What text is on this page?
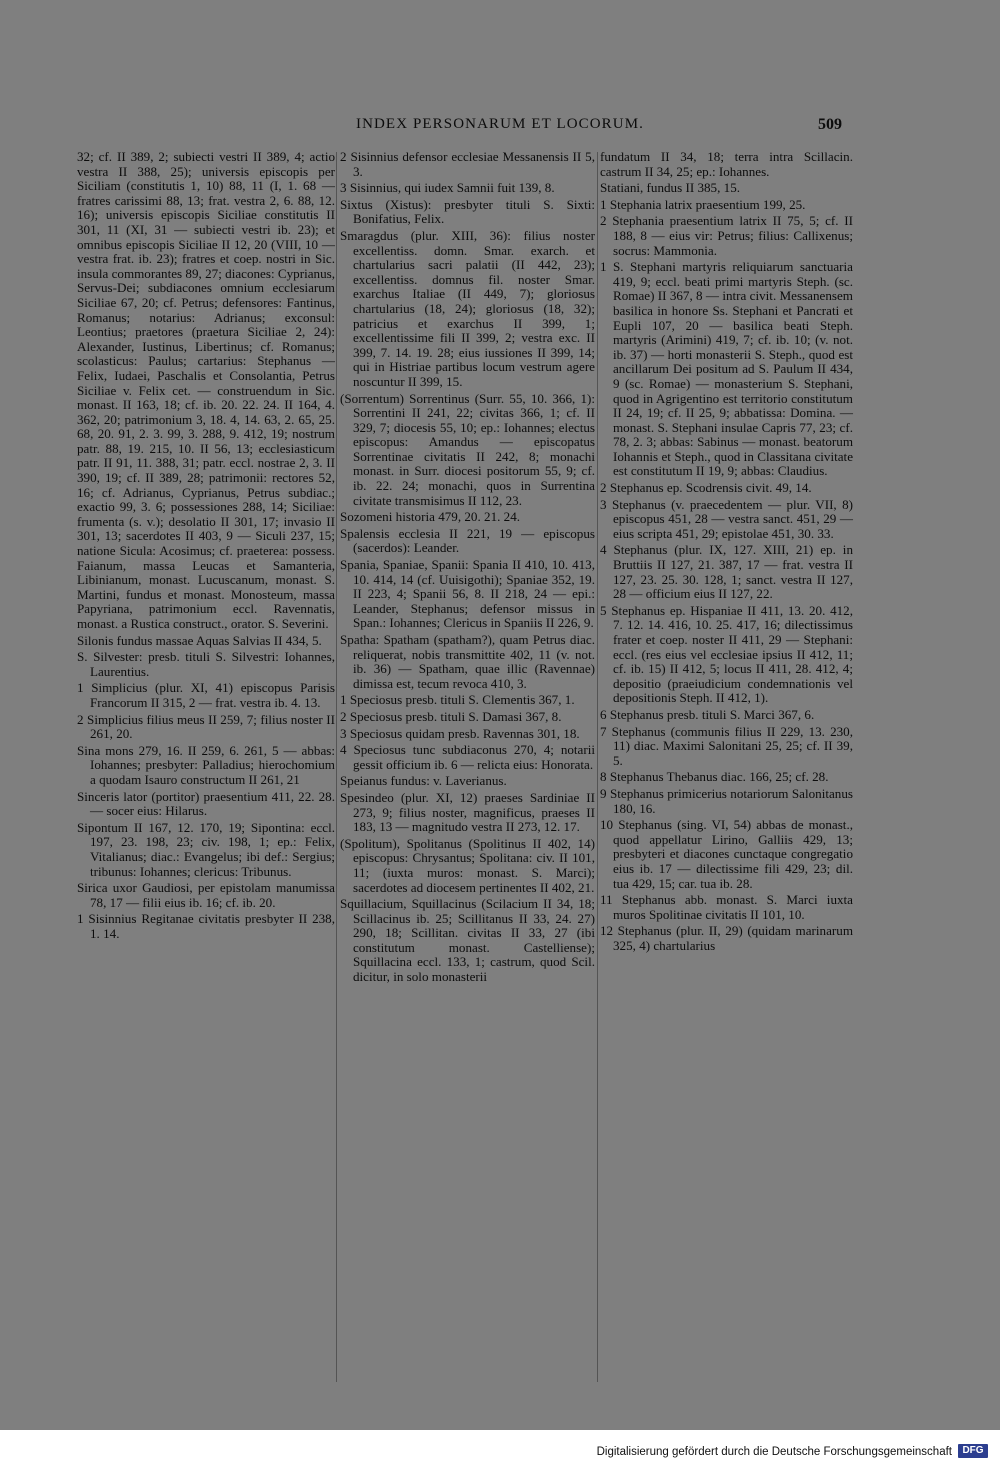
INDEX PERSONARUM ET LOCORUM.	509

32; cf. II 389, 2; subiecti vestri II 389, 4; actio vestra II 388, 25); universis episcopis per Siciliam (constitutis 1, 10) 88, 11 (I, 1. 68 — fratres carissimi 88, 13; frat. vestra 2, 6. 88, 12. 16); universis episcopis Siciliae constitutis II 301, 11 (XI, 31 — subiecti vestri ib. 23); et omnibus episcopis Siciliae II 12, 20 (VIII, 10 — vestra frat. ib. 23); fratres et coep. nostri in Sic. insula commorantes 89, 27; diacones: Cyprianus, Servus-Dei; subdiacones omnium ecclesiarum Siciliae 67, 20; cf. Petrus; defensores: Fantinus, Romanus; notarius: Adrianus; exconsul: Leontius; praetores (praetura Siciliae 2, 24): Alexander, Iustinus, Libertinus; cf. Romanus; scolasticus: Paulus; cartarius: Stephanus — Felix, Iudaei, Paschalis et Consolantia, Petrus Siciliae v. Felix cet. — construendum in Sic. monast. II 163, 18; cf. ib. 20. 22. 24. II 164, 4. 362, 20; patrimonium 3, 18. 4, 14. 63, 2. 65, 25. 68, 20. 91, 2. 3. 99, 3. 288, 9. 412, 19; nostrum patr. 88, 19. 215, 10. II 56, 13; ecclesiasticum patr. II 91, 11. 388, 31; patr. eccl. nostrae 2, 3. II 390, 19; cf. II 389, 28; patrimonii: rectores 52, 16; cf. Adrianus, Cyprianus, Petrus subdiac.; exactio 99, 3. 6; possessiones 288, 14; Siciliae: frumenta (s. v.); desolatio II 301, 17; invasio II 301, 13; sacerdotes II 403, 9 — Siculi 237, 15; natione Sicula: Acosimus; cf. praeterea: possess. Faianum, massa Leucas et Samanteria, Libinianum, monast. Lucuscanum, monast. S. Martini, fundus et monast. Monosteum, massa Papyriana, patrimonium eccl. Ravennatis, monast. a Rustica construct., orator. S. Severini.

Silonis fundus massae Aquas Salvias II 434, 5.

S. Silvester: presb. tituli S. Silvestri: Iohannes, Laurentius.

1 Simplicius (plur. XI, 41) episcopus Parisis Francorum II 315, 2 — frat. vestra ib. 4. 13.

2 Simplicius filius meus II 259, 7; filius noster II 261, 20.

Sina mons 279, 16. II 259, 6. 261, 5 — abbas: Iohannes; presbyter: Palladius; hierochomium a quodam Isauro constructum II 261, 21

Sinceris lator (portitor) praesentium 411, 22. 28. — socer eius: Hilarus.

Sipontum II 167, 12. 170, 19; Sipontina: eccl. 197, 23. 198, 23; civ. 198, 1; ep.: Felix, Vitalianus; diac.: Evangelus; ibi def.: Sergius; tribunus: Iohannes; clericus: Tribunus.

Sirica uxor Gaudiosi, per epistolam manumissa 78, 17 — filii eius ib. 16; cf. ib. 20.

1 Sisinnius Regitanae civitatis presbyter II 238, 1. 14.

2 Sisinnius defensor ecclesiae Messanensis II 5, 3.

3 Sisinnius, qui iudex Samnii fuit 139, 8.

Sixtus (Xistus): presbyter tituli S. Sixti: Bonifatius, Felix.

Smaragdus (plur. XIII, 36): filius noster excellentiss. domn. Smar. exarch. et chartularius sacri palatii (II 442, 23); excellentiss. domnus fil. noster Smar. exarchus Italiae (II 449, 7); gloriosus chartularius (18, 24); gloriosus (18, 32); patricius et exarchus II 399, 1; excellentissime fili II 399, 2; vestra exc. II 399, 7. 14. 19. 28; eius iussiones II 399, 14; qui in Histriae partibus locum vestrum agere noscuntur II 399, 15.

(Sorrentum) Sorrentinus (Surr. 55, 10. 366, 1): Sorrentini II 241, 22; civitas 366, 1; cf. II 329, 7; diocesis 55, 10; ep.: Iohannes; electus episcopus: Amandus — episcopatus Sorrentinae civitatis II 242, 8; monachi monast. in Surr. diocesi positorum 55, 9; cf. ib. 22. 24; monachi, quos in Surrentina civitate transmisimus II 112, 23.

Sozomeni historia 479, 20. 21. 24.

Spalensis ecclesia II 221, 19 — episcopus (sacerdos): Leander.

Spania, Spaniae, Spanii: Spania II 410, 10. 413, 10. 414, 14 (cf. Uuisigothi); Spaniae 352, 19. II 223, 4; Spanii 56, 8. II 218, 24 — epi.: Leander, Stephanus; defensor missus in Span.: Iohannes; Clericus in Spaniis II 226, 9.

Spatha: Spatham (spatham?), quam Petrus diac. reliquerat, nobis transmittite 402, 11 (v. not. ib. 36) — Spatham, quae illic (Ravennae) dimissa est, tecum revoca 410, 3.

1 Speciosus presb. tituli S. Clementis 367, 1.

2 Speciosus presb. tituli S. Damasi 367, 8.

3 Speciosus quidam presb. Ravennas 301, 18.

4 Speciosus tunc subdiaconus 270, 4; notarii gessit officium ib. 6 — relicta eius: Honorata.

Speianus fundus: v. Laverianus.

Spesindeo (plur. XI, 12) praeses Sardiniae II 273, 9; filius noster, magnificus, praeses II 183, 13 — magnitudo vestra II 273, 12. 17.

(Spolitum), Spolitanus (Spolitinus II 402, 14) episcopus: Chrysantus; Spolitana: civ. II 101, 11; (iuxta muros: monast. S. Marci); sacerdotes ad diocesem pertinentes II 402, 21.

Squillacium, Squillacinus (Scilacium II 34, 18; Scillacinus ib. 25; Scillitanus II 33, 24. 27) 290, 18; Scillitan. civitas II 33, 27 (ibi constitutum monast. Castelliense); Squillacina eccl. 133, 1; castrum, quod Scil. dicitur, in solo monasterii

fundatum II 34, 18; terra intra Scillacin. castrum II 34, 25; ep.: Iohannes.

Statiani, fundus II 385, 15.

1 Stephania latrix praesentium 199, 25.

2 Stephania praesentium latrix II 75, 5; cf. II 188, 8 — eius vir: Petrus; filius: Callixenus; socrus: Mammonia.

1 S. Stephani martyris reliquiarum sanctuaria 419, 9; eccl. beati primi martyris Steph. (sc. Romae) II 367, 8 — intra civit. Messanensem basilica in honore Ss. Stephani et Pancrati et Eupli 107, 20 — basilica beati Steph. martyris (Arimini) 419, 7; cf. ib. 10; (v. not. ib. 37) — horti monasterii S. Steph., quod est ancillarum Dei positum ad S. Paulum II 434, 9 (sc. Romae) — monasterium S. Stephani, quod in Agrigentino est territorio constitutum II 24, 19; cf. II 25, 9; abbatissa: Domina. — monast. S. Stephani insulae Capris 77, 23; cf. 78, 2. 3; abbas: Sabinus — monast. beatorum Iohannis et Steph., quod in Classitana civitate est constitutum II 19, 9; abbas: Claudius.

2 Stephanus ep. Scodrensis civit. 49, 14.

3 Stephanus (v. praecedentem — plur. VII, 8) episcopus 451, 28 — vestra sanct. 451, 29 — eius scripta 451, 29; epistolae 451, 30. 33.

4 Stephanus (plur. IX, 127. XIII, 21) ep. in Bruttiis II 127, 21. 387, 17 — frat. vestra II 127, 23. 25. 30. 128, 1; sanct. vestra II 127, 28 — officium eius II 127, 22.

5 Stephanus ep. Hispaniae II 411, 13. 20. 412, 7. 12. 14. 416, 10. 25. 417, 16; dilectissimus frater et coep. noster II 411, 29 — Stephani: eccl. (res eius vel ecclesiae ipsius II 412, 11; cf. ib. 15) II 412, 5; locus II 411, 28. 412, 4; depositio (praeiudicium condemnationis vel depositionis Steph. II 412, 1).

6 Stephanus presb. tituli S. Marci 367, 6.

7 Stephanus (communis filius II 229, 13. 230, 11) diac. Maximi Salonitani 25, 25; cf. II 39, 5.

8 Stephanus Thebanus diac. 166, 25; cf. 28.

9 Stephanus primicerius notariorum Salonitanus 180, 16.

10 Stephanus (sing. VI, 54) abbas de monast., quod appellatur Lirino, Galliis 429, 13; presbyteri et diacones cunctaque congregatio eius ib. 17 — dilectissime fili 429, 23; dil. tua 429, 15; car. tua ib. 28.

11 Stephanus abb. monast. S. Marci iuxta muros Spolitinae civitatis II 101, 10.

12 Stephanus (plur. II, 29) (quidam marinarum 325, 4) chartularius

Digitalisierung gefördert durch die Deutsche Forschungsgemeinschaft	DFG
